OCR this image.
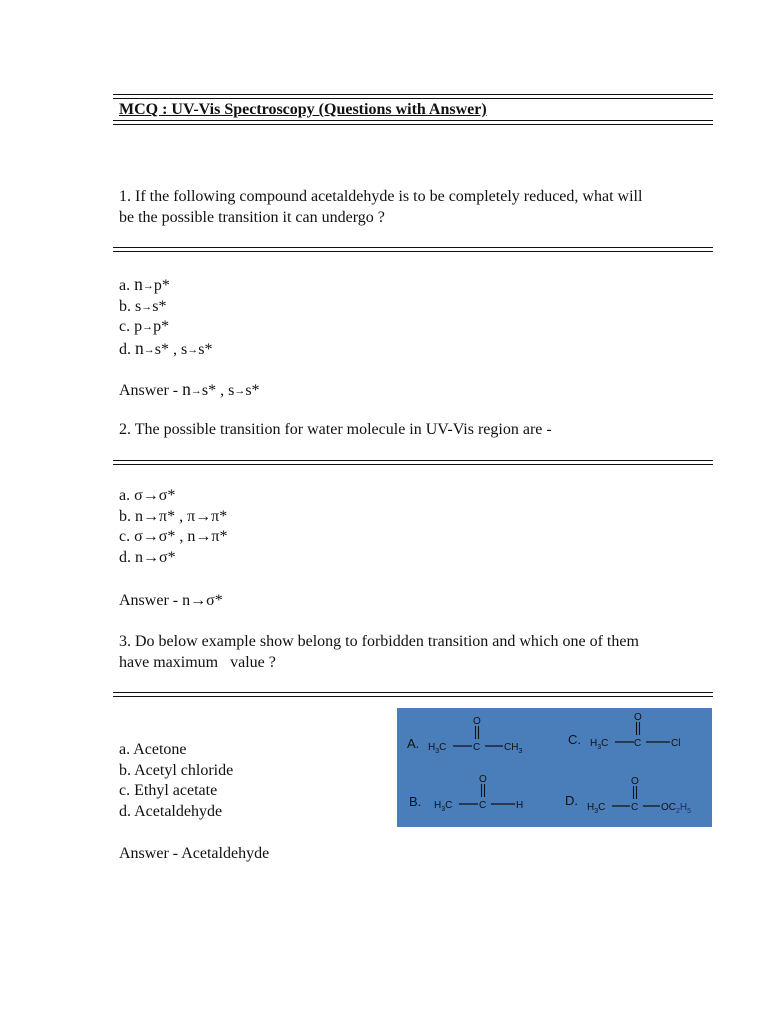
MCQ : UV-Vis Spectroscopy (Questions with Answer)
1. If the following compound acetaldehyde is to be completely reduced, what will
be the possible transition it can undergo ?
a. n→p*
b. s→s*
c. p→p*
d. n→s* , s→s*
Answer - n→s* , s→s*
2. The possible transition for water molecule in UV-Vis region are -
a. σ→σ*
b. n→π* , π→π*
c. σ→σ* , n→π*
d. n→σ*
Answer - n→σ*
3. Do below example show belong to forbidden transition and which one of them
have maximum   value ?
a. Acetone
b. Acetyl chloride
c. Ethyl acetate
d. Acetaldehyde
Answer - Acetaldehyde
A. $H_3C$	C $CH_3$
O
C. $H_3C$	C	Cl
O
B. $H_3C$	C	H
O
D. $H_3C$	C $OC_2H_5$
O
